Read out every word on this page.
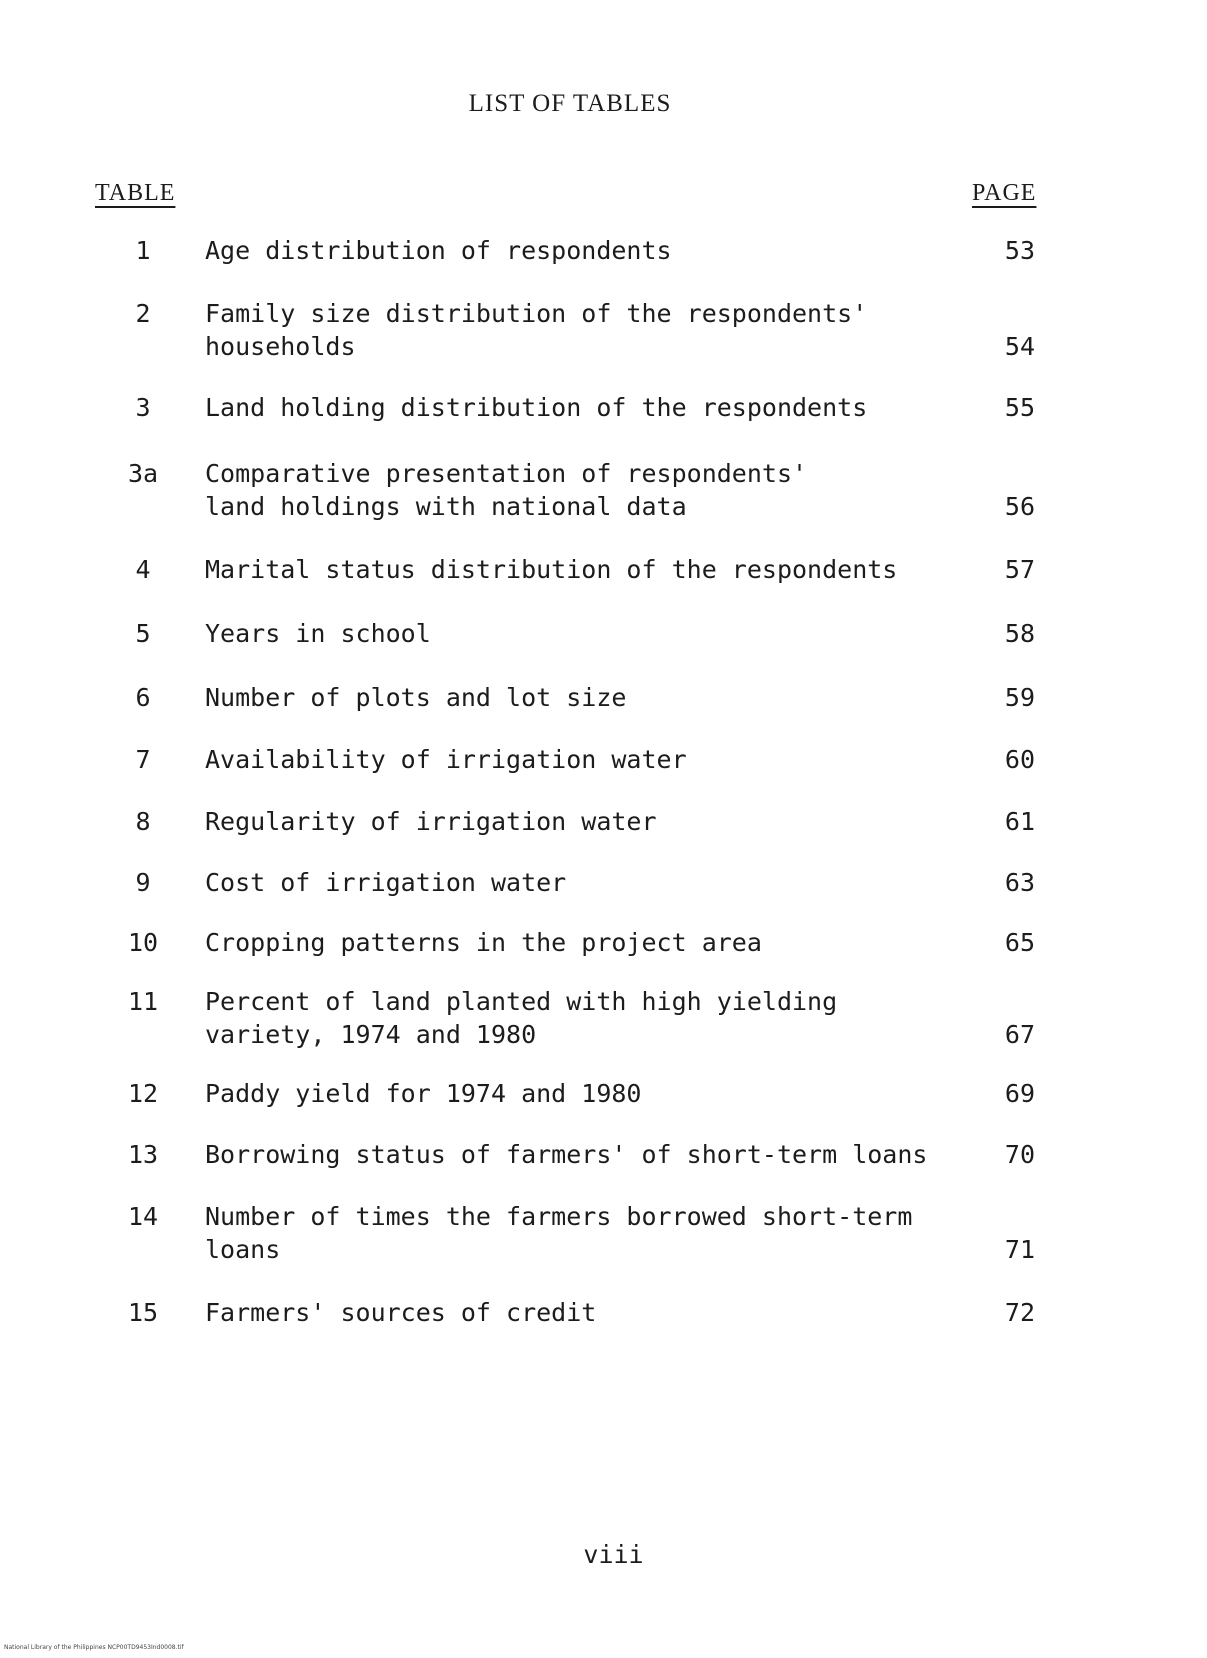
LIST OF TABLES
TABLE	PAGE
1	Age distribution of respondents	53
2	Family size distribution of the respondents'
households	54
3	Land holding distribution of the respondents	55
3a	Comparative presentation of respondents'
land holdings with national data	56
4	Marital status distribution of the respondents	57
5	Years in school	58
6	Number of plots and lot size	59
7	Availability of irrigation water	60
8	Regularity of irrigation water	61
9	Cost of irrigation water	63
10	Cropping patterns in the project area	65
11	Percent of land planted with high yielding
variety, 1974 and 1980	67
12	Paddy yield for 1974 and 1980	69
13	Borrowing status of farmers' of short-term loans	70
14	Number of times the farmers borrowed short-term
loans	71
15	Farmers' sources of credit	72
viii
National Library of the Philippines NCP00TD9453Ind0008.tif
